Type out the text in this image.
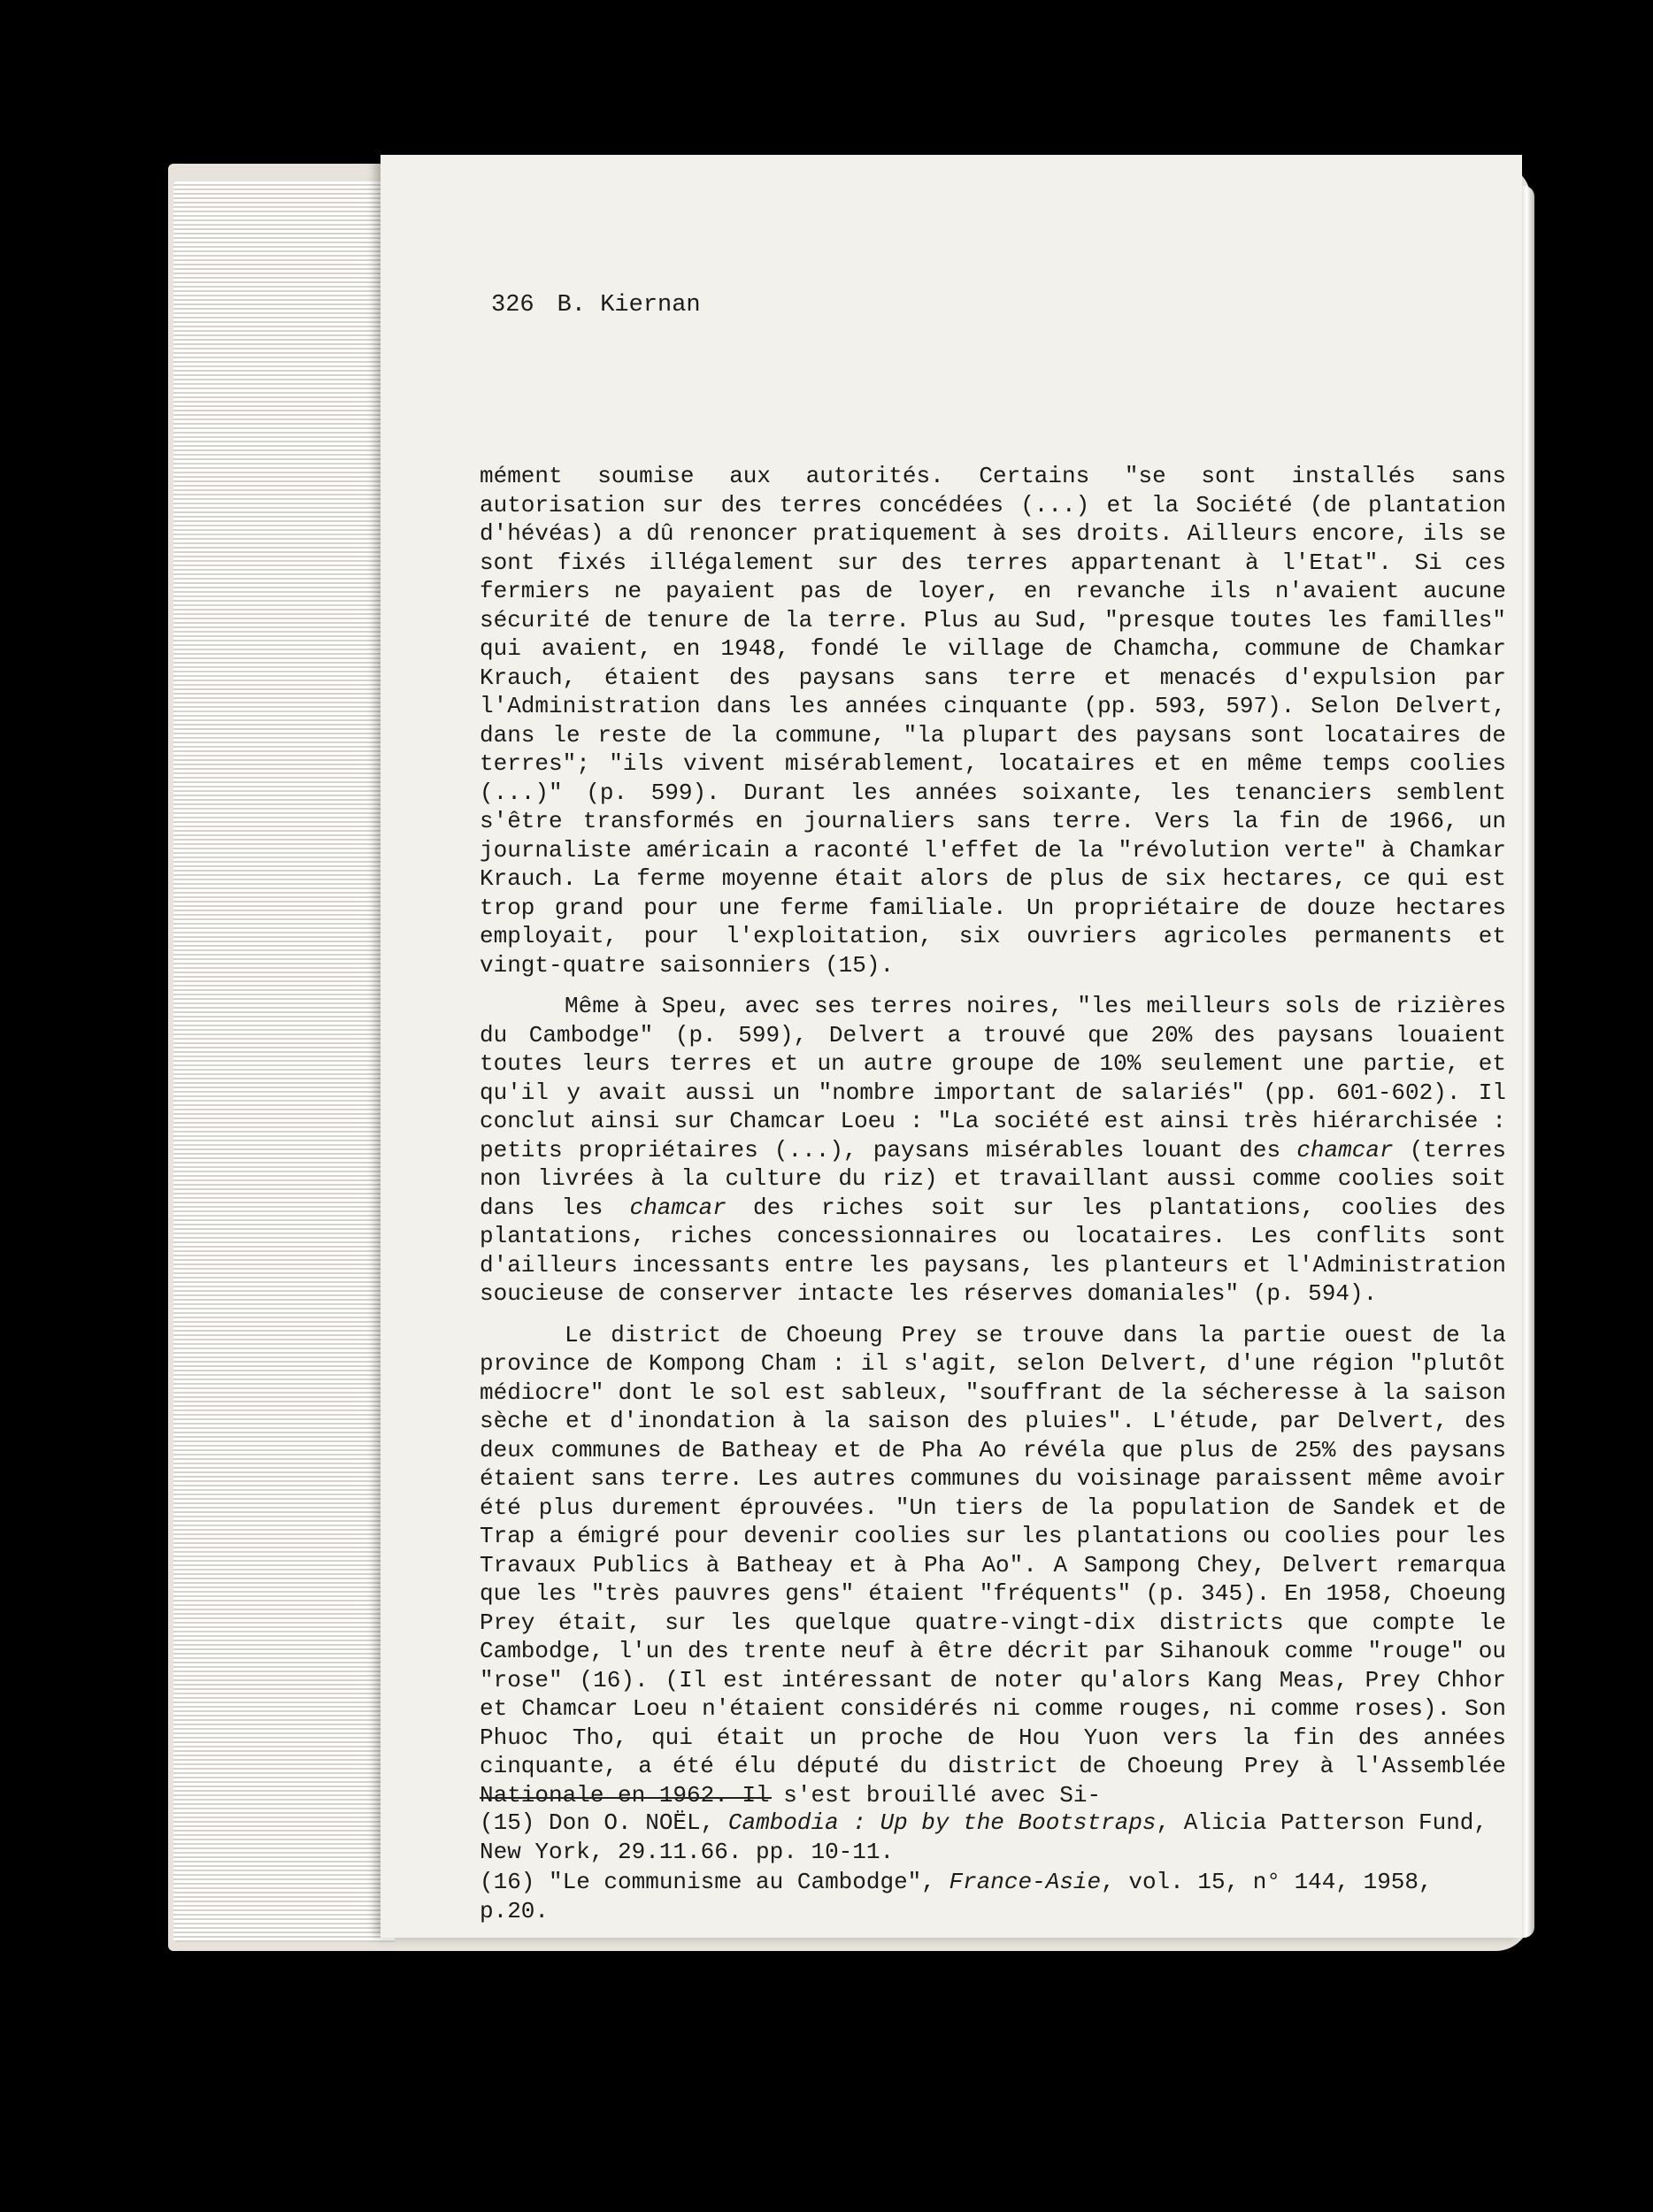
326 B. Kiernan

mément soumise aux autorités. Certains "se sont installés sans autorisation sur des terres concédées (...) et la Société (de plantation d'hévéas) a dû renoncer pratiquement à ses droits. Ailleurs encore, ils se sont fixés illégalement sur des terres appartenant à l'Etat". Si ces fermiers ne payaient pas de loyer, en revanche ils n'avaient aucune sécurité de tenure de la terre. Plus au Sud, "presque toutes les familles" qui avaient, en 1948, fondé le village de Chamcha, commune de Chamkar Krauch, étaient des paysans sans terre et menacés d'expulsion par l'Administration dans les années cinquante (pp. 593, 597). Selon Delvert, dans le reste de la commune, "la plupart des paysans sont locataires de terres"; "ils vivent misérablement, locataires et en même temps coolies (...)" (p. 599). Durant les années soixante, les tenanciers semblent s'être transformés en journaliers sans terre. Vers la fin de 1966, un journaliste américain a raconté l'effet de la "révolution verte" à Chamkar Krauch. La ferme moyenne était alors de plus de six hectares, ce qui est trop grand pour une ferme familiale. Un propriétaire de douze hectares employait, pour l'exploitation, six ouvriers agricoles permanents et vingt-quatre saisonniers (15).

Même à Speu, avec ses terres noires, "les meilleurs sols de rizières du Cambodge" (p. 599), Delvert a trouvé que 20% des paysans louaient toutes leurs terres et un autre groupe de 10% seulement une partie, et qu'il y avait aussi un "nombre important de salariés" (pp. 601-602). Il conclut ainsi sur Chamcar Loeu : "La société est ainsi très hiérarchisée : petits propriétaires (...), paysans misérables louant des chamcar (terres non livrées à la culture du riz) et travaillant aussi comme coolies soit dans les chamcar des riches soit sur les plantations, coolies des plantations, riches concessionnaires ou locataires. Les conflits sont d'ailleurs incessants entre les paysans, les planteurs et l'Administration soucieuse de conserver intacte les réserves domaniales" (p. 594).

Le district de Choeung Prey se trouve dans la partie ouest de la province de Kompong Cham : il s'agit, selon Delvert, d'une région "plutôt médiocre" dont le sol est sableux, "souffrant de la sécheresse à la saison sèche et d'inondation à la saison des pluies". L'étude, par Delvert, des deux communes de Batheay et de Pha Ao révéla que plus de 25% des paysans étaient sans terre. Les autres communes du voisinage paraissent même avoir été plus durement éprouvées. "Un tiers de la population de Sandek et de Trap a émigré pour devenir coolies sur les plantations ou coolies pour les Travaux Publics à Batheay et à Pha Ao". A Sampong Chey, Delvert remarqua que les "très pauvres gens" étaient "fréquents" (p. 345). En 1958, Choeung Prey était, sur les quelque quatre-vingt-dix districts que compte le Cambodge, l'un des trente neuf à être décrit par Sihanouk comme "rouge" ou "rose" (16). (Il est intéressant de noter qu'alors Kang Meas, Prey Chhor et Chamcar Loeu n'étaient considérés ni comme rouges, ni comme roses). Son Phuoc Tho, qui était un proche de Hou Yuon vers la fin des années cinquante, a été élu député du district de Choeung Prey à l'Assemblée Nationale en 1962. Il s'est brouillé avec Si-

(15) Don O. NOËL, Cambodia : Up by the Bootstraps, Alicia Patterson Fund, New York, 29.11.66. pp. 10-11.

(16) "Le communisme au Cambodge", France-Asie, vol. 15, n° 144, 1958, p.20.
